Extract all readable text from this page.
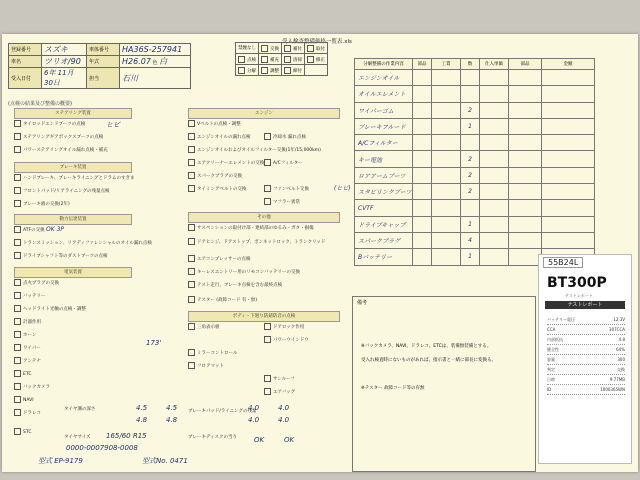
受入検査整備価格一覧表.xls
登録番号	スズキ	車体番号	HA36S-257941
車名	ツリオ/90	年式	H26.07 色 白
受入日付	6年 11月 30日	担当	石川
禁煙なし	交換	補付	取付
点検	補充	清掃	修正
分解	調整	締付	
(点検の結果及び整備の概要)
ステアリング装置
タイロッドエンドブーツの点検
ステアリングギアボックスブーツの点検
パワーステアリングオイル漏れ点検・補充
ブレーキ装置
ハンドブレーキ、ブレーキライニングとドラムのすきま
フロントパッド/リアライニングの残量点検
ブレーキ液の交換(2年)
動力伝達装置
ATFの交換 OK 3P
トランスミッション、リアディファレンシャルのオイル漏れ点検
ドライブシャフト等のダストブーツの点検
電気装置
点火プラグの交換
バッテリー
ヘッドライト光軸の点検・調整
計器作用
ホーン
ワイパー
アンテナ
ETC
バックカメラ
NAVI
ドラレコ
STC
ヒビ
173'
エンジン
Vベルトの点検・調整
エンジンオイルの漏れ点検	冷却水 漏れ点検
エンジンオイルおよびオイルフィルター交換(1年/15,000km)
エアクリーナーエレメントの交換	A/Cフィルター
スパークプラグの交換
タイミングベルトの交換	ファンベルト交換
マフラー異常
その他
サスペンションの取付け部・連結部のゆるみ・ガタ・損傷
ドアヒンジ、ドアストップ、ボンネットロック、トランクリッド
エアコンプレッサーの点検
キーレスエントリー用のリモコンバッテリーの交換
テスト走行、ブレーキ点検を含む最終点検
テスター (故障コード 有・無)
ボディ・下廻り防錆防音の点検
三角表示板	ドアロック作用
パワーウインドウ
ミラーコントロール
フロアマット
サンルーフ
エアバッグ
タイヤ溝の深さ	4.5	4.5
4.8	4.8
ブレーキパッド/ライニングの残量
4.0	4.0
4.0	4.0
タイヤサイズ 165/60 R15	ブレーキディスクの当り OK	OK
0000-0007908-0008
型式 EP-9179	型式No. 0471
分解整備の作業内容	部品	工賃	数	仕入単価	部品	金額
エンジンオイル						
オイルエレメント						
ワイパーゴム			2			
ブレーキフルード			1			
A/Cフィルター						
キー電池			2			
ロアアームブーツ			2			
スタビリンクブーツ			2			
CVTF						
ドライブキャップ			1			
スパークプラグ			4			
Bバッテリー			1			
(ヒビ)
備考
※バックカメラ、NAVI、ドラレコ、ETCは、装備無装備とする。
受入れ検査時にないものがあれば、指示書と一緒に部長に変換る。
※テスター 故障コード等の有無
55B24L
BT300P
テストレポート
テストレポート
バッテリー電圧	12.3V
CCA	307CCA
内部抵抗	4.8
健全性	64%
容量	300
判定	交換
日時	9.77MB
ID	1000365WN
